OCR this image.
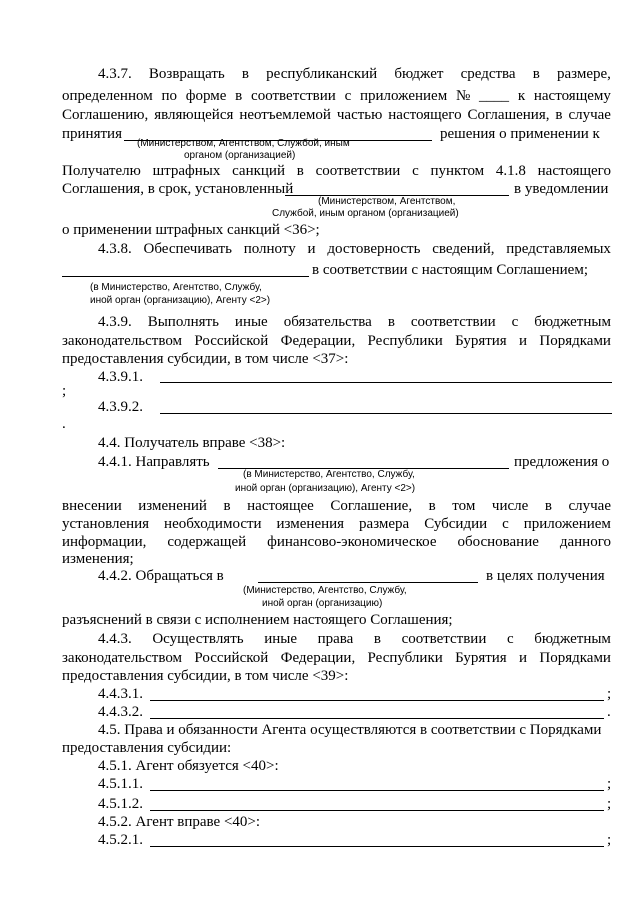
4.3.7. Возвращать в республиканский бюджет средства в размере,
определенном по форме в соответствии с приложением № ____ к настоящему
Соглашению, являющейся неотъемлемой частью настоящего Соглашения, в случае
принятия	решения о применении к
(Министерством, Агентством, Службой, иным
органом (организацией)
Получателю штрафных санкций в соответствии с пунктом 4.1.8 настоящего
Соглашения, в срок, установленный	в уведомлении
(Министерством, Агентством,
Службой, иным органом (организацией)
о применении штрафных санкций <36>;
4.3.8. Обеспечивать полноту и достоверность сведений, представляемых
в соответствии с настоящим Соглашением;
(в Министерство, Агентство, Службу,
иной орган (организацию), Агенту <2>)
4.3.9. Выполнять иные обязательства в соответствии с бюджетным
законодательством Российской Федерации, Республики Бурятия и Порядками
предоставления субсидии, в том числе <37>:
4.3.9.1.
;
4.3.9.2.
.
4.4. Получатель вправе <38>:
4.4.1. Направлять	предложения о
(в Министерство, Агентство, Службу,
иной орган (организацию), Агенту <2>)
внесении изменений в настоящее Соглашение, в том числе в случае
установления необходимости изменения размера Субсидии с приложением
информации, содержащей финансово-экономическое обоснование данного
изменения;
4.4.2. Обращаться в	в целях получения
(Министерство, Агентство, Службу,
иной орган (организацию)
разъяснений в связи с исполнением настоящего Соглашения;
4.4.3. Осуществлять иные права в соответствии с бюджетным
законодательством Российской Федерации, Республики Бурятия и Порядками
предоставления субсидии, в том числе <39>:
4.4.3.1.	;
4.4.3.2.	.
4.5. Права и обязанности Агента осуществляются в соответствии с Порядками
предоставления субсидии:
4.5.1. Агент обязуется <40>:
4.5.1.1.	;
4.5.1.2.	;
4.5.2. Агент вправе <40>:
4.5.2.1.	;
